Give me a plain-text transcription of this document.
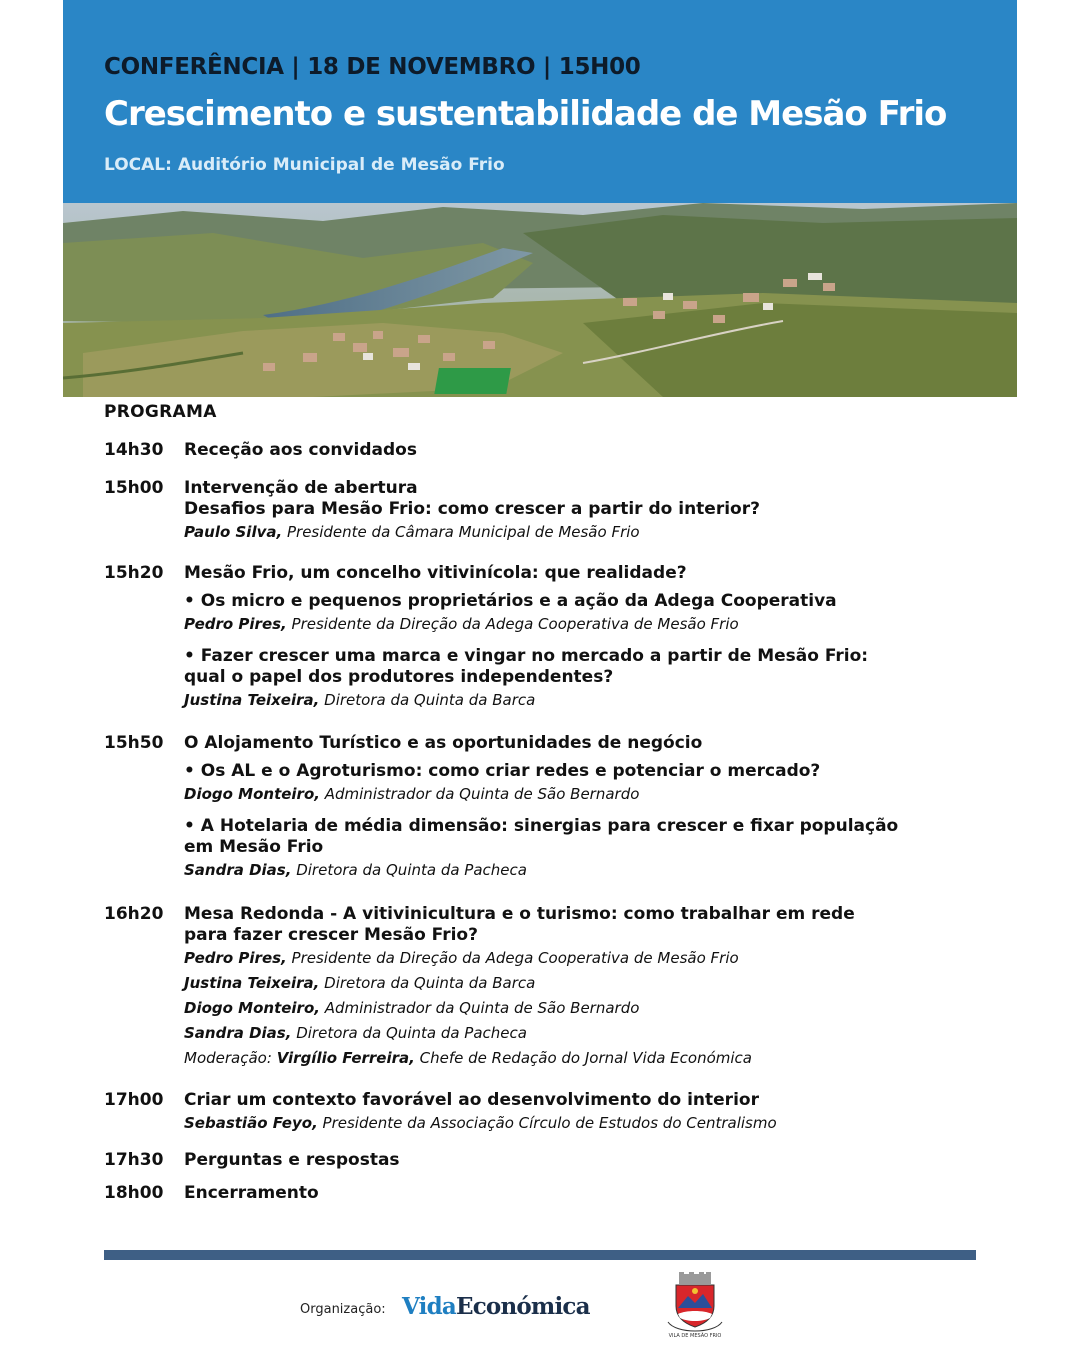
CONFERÊNCIA | 18 DE NOVEMBRO | 15H00

Crescimento e sustentabilidade de Mesão Frio

LOCAL: Auditório Municipal de Mesão Frio

PROGRAMA
14h30	Receção aos convidados
15h00	Intervenção de abertura
Desafios para Mesão Frio: como crescer a partir do interior?
Paulo Silva, Presidente da Câmara Municipal de Mesão Frio
15h20	Mesão Frio, um concelho vitivinícola: que realidade?
• Os micro e pequenos proprietários e a ação da Adega Cooperativa
Pedro Pires, Presidente da Direção da Adega Cooperativa de Mesão Frio
• Fazer crescer uma marca e vingar no mercado a partir de Mesão Frio:
qual o papel dos produtores independentes?
Justina Teixeira, Diretora da Quinta da Barca
15h50	O Alojamento Turístico e as oportunidades de negócio
• Os AL e o Agroturismo: como criar redes e potenciar o mercado?
Diogo Monteiro, Administrador da Quinta de São Bernardo
• A Hotelaria de média dimensão: sinergias para crescer e fixar população
em Mesão Frio
Sandra Dias, Diretora da Quinta da Pacheca
16h20	Mesa Redonda - A vitivinicultura e o turismo: como trabalhar em rede
para fazer crescer Mesão Frio?
Pedro Pires, Presidente da Direção da Adega Cooperativa de Mesão Frio
Justina Teixeira, Diretora da Quinta da Barca
Diogo Monteiro, Administrador da Quinta de São Bernardo
Sandra Dias, Diretora da Quinta da Pacheca
Moderação: Virgílio Ferreira, Chefe de Redação do Jornal Vida Económica
17h00	Criar um contexto favorável ao desenvolvimento do interior
Sebastião Feyo, Presidente da Associação Círculo de Estudos do Centralismo
17h30	Perguntas e respostas
18h00	Encerramento
Organização: VidaEconómica
VILA DE MESÃO FRIO
